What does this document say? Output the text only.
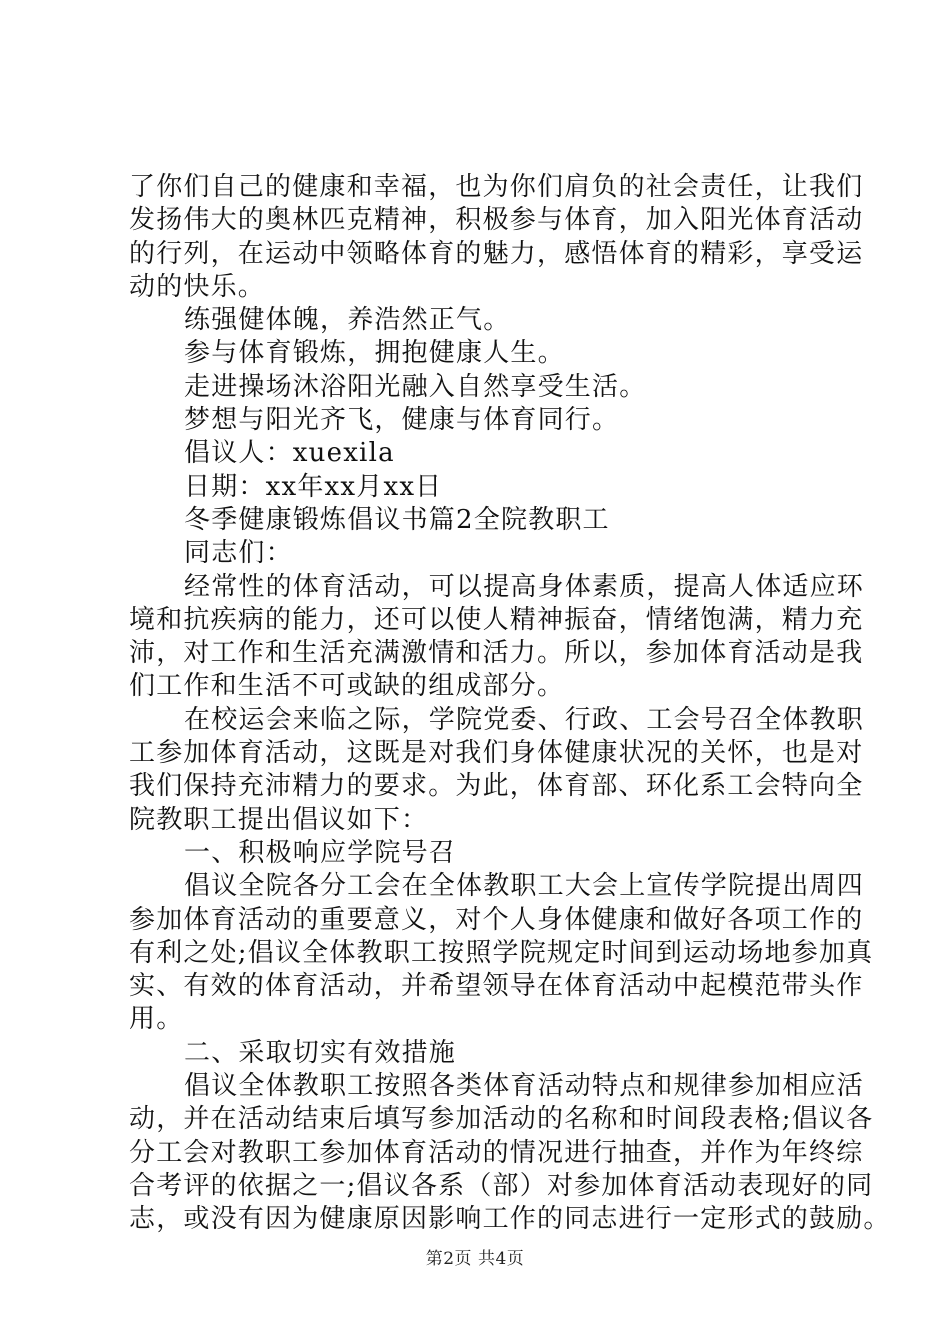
了你们自己的健康和幸福，也为你们肩负的社会责任，让我们
发扬伟大的奥林匹克精神，积极参与体育，加入阳光体育活动
的行列，在运动中领略体育的魅力，感悟体育的精彩，享受运
动的快乐。
练强健体魄，养浩然正气。
参与体育锻炼，拥抱健康人生。
走进操场沐浴阳光融入自然享受生活。
梦想与阳光齐飞，健康与体育同行。
倡议人：xuexila
日期：xx年xx月xx日
冬季健康锻炼倡议书篇2全院教职工
同志们：
经常性的体育活动，可以提高身体素质，提高人体适应环
境和抗疾病的能力，还可以使人精神振奋，情绪饱满，精力充
沛，对工作和生活充满激情和活力。所以，参加体育活动是我
们工作和生活不可或缺的组成部分。
在校运会来临之际，学院党委、行政、工会号召全体教职
工参加体育活动，这既是对我们身体健康状况的关怀，也是对
我们保持充沛精力的要求。为此，体育部、环化系工会特向全
院教职工提出倡议如下：
一、积极响应学院号召
倡议全院各分工会在全体教职工大会上宣传学院提出周四
参加体育活动的重要意义，对个人身体健康和做好各项工作的
有利之处;倡议全体教职工按照学院规定时间到运动场地参加真
实、有效的体育活动，并希望领导在体育活动中起模范带头作
用。
二、采取切实有效措施
倡议全体教职工按照各类体育活动特点和规律参加相应活
动，并在活动结束后填写参加活动的名称和时间段表格;倡议各
分工会对教职工参加体育活动的情况进行抽查，并作为年终综
合考评的依据之一;倡议各系（部）对参加体育活动表现好的同
志，或没有因为健康原因影响工作的同志进行一定形式的鼓励。
第2页 共4页
